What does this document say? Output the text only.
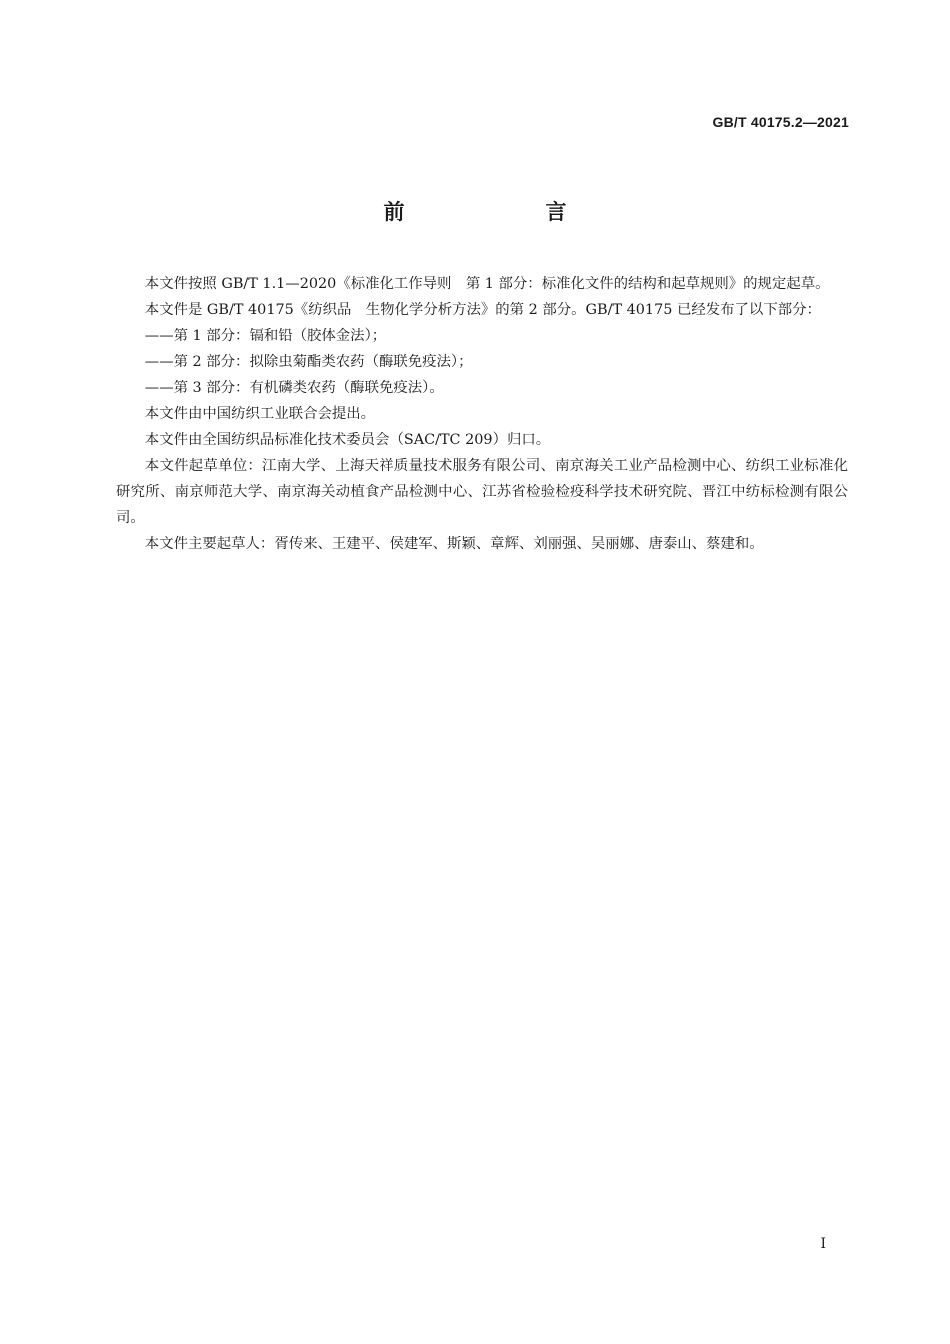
GB/T 40175.2—2021
前　言

本文件按照 GB/T 1.1—2020《标准化工作导则　第 1 部分：标准化文件的结构和起草规则》的规定起草。

本文件是 GB/T 40175《纺织品　生物化学分析方法》的第 2 部分。GB/T 40175 已经发布了以下部分：

——第 1 部分：镉和铅（胶体金法）；

——第 2 部分：拟除虫菊酯类农药（酶联免疫法）；

——第 3 部分：有机磷类农药（酶联免疫法）。

本文件由中国纺织工业联合会提出。

本文件由全国纺织品标准化技术委员会（SAC/TC 209）归口。

本文件起草单位：江南大学、上海天祥质量技术服务有限公司、南京海关工业产品检测中心、纺织工业标准化研究所、南京师范大学、南京海关动植食产品检测中心、江苏省检验检疫科学技术研究院、晋江中纺标检测有限公司。

本文件主要起草人：胥传来、王建平、侯建军、斯颖、章辉、刘丽强、吴丽娜、唐泰山、蔡建和。

I
